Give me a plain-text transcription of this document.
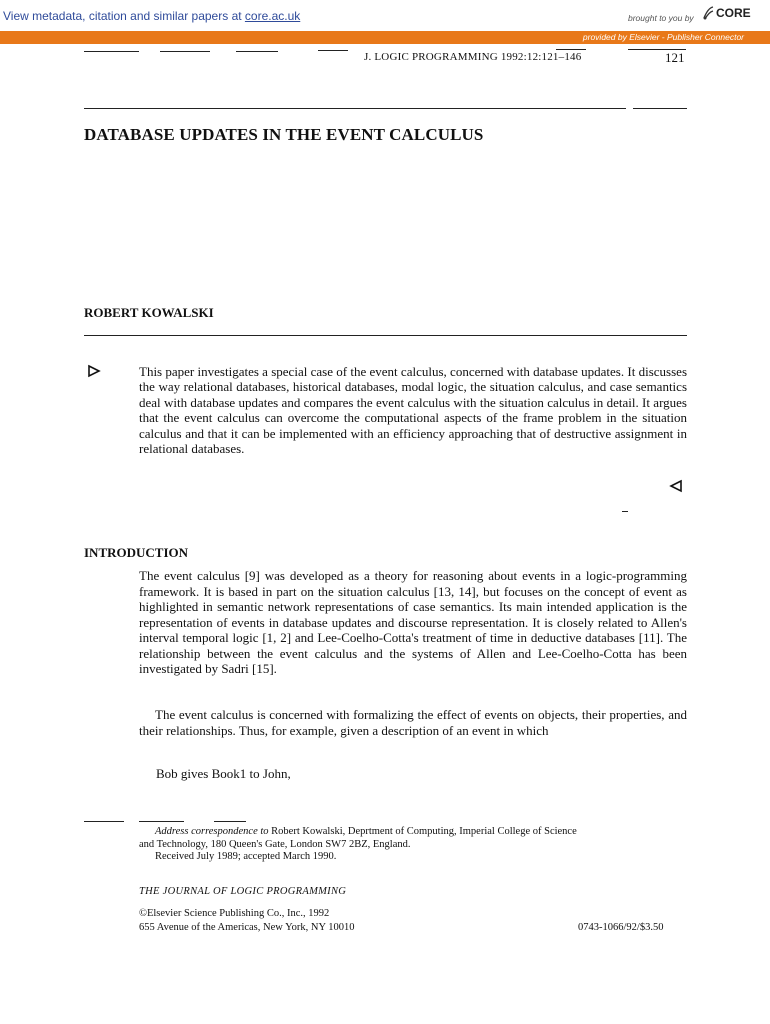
View metadata, citation and similar papers at core.ac.uk	brought to you by	CORE
provided by Elsevier - Publisher Connector
J. LOGIC PROGRAMMING 1992:12:121–146	121
DATABASE UPDATES IN THE EVENT CALCULUS
ROBERT KOWALSKI
This paper investigates a special case of the event calculus, concerned with database updates. It discusses the way relational databases, historical databases, modal logic, the situation calculus, and case semantics deal with database updates and compares the event calculus with the situation calculus in detail. It argues that the event calculus can overcome the computational aspects of the frame problem in the situation calculus and that it can be implemented with an efficiency approaching that of destructive assignment in relational databases.
INTRODUCTION

The event calculus [9] was developed as a theory for reasoning about events in a logic-programming framework. It is based in part on the situation calculus [13, 14], but focuses on the concept of event as highlighted in semantic network representations of case semantics. Its main intended application is the representation of events in database updates and discourse representation. It is closely related to Allen's interval temporal logic [1, 2] and Lee-Coelho-Cotta's treatment of time in deductive databases [11]. The relationship between the event calculus and the systems of Allen and Lee-Coelho-Cotta has been investigated by Sadri [15].

The event calculus is concerned with formalizing the effect of events on objects, their properties, and their relationships. Thus, for example, given a description of an event in which

Bob gives Book1 to John,
Address correspondence to Robert Kowalski, Deprtment of Computing, Imperial College of Science
and Technology, 180 Queen's Gate, London SW7 2BZ, England.
Received July 1989; accepted March 1990.
THE JOURNAL OF LOGIC PROGRAMMING
©Elsevier Science Publishing Co., Inc., 1992
655 Avenue of the Americas, New York, NY 10010	0743-1066/92/$3.50
